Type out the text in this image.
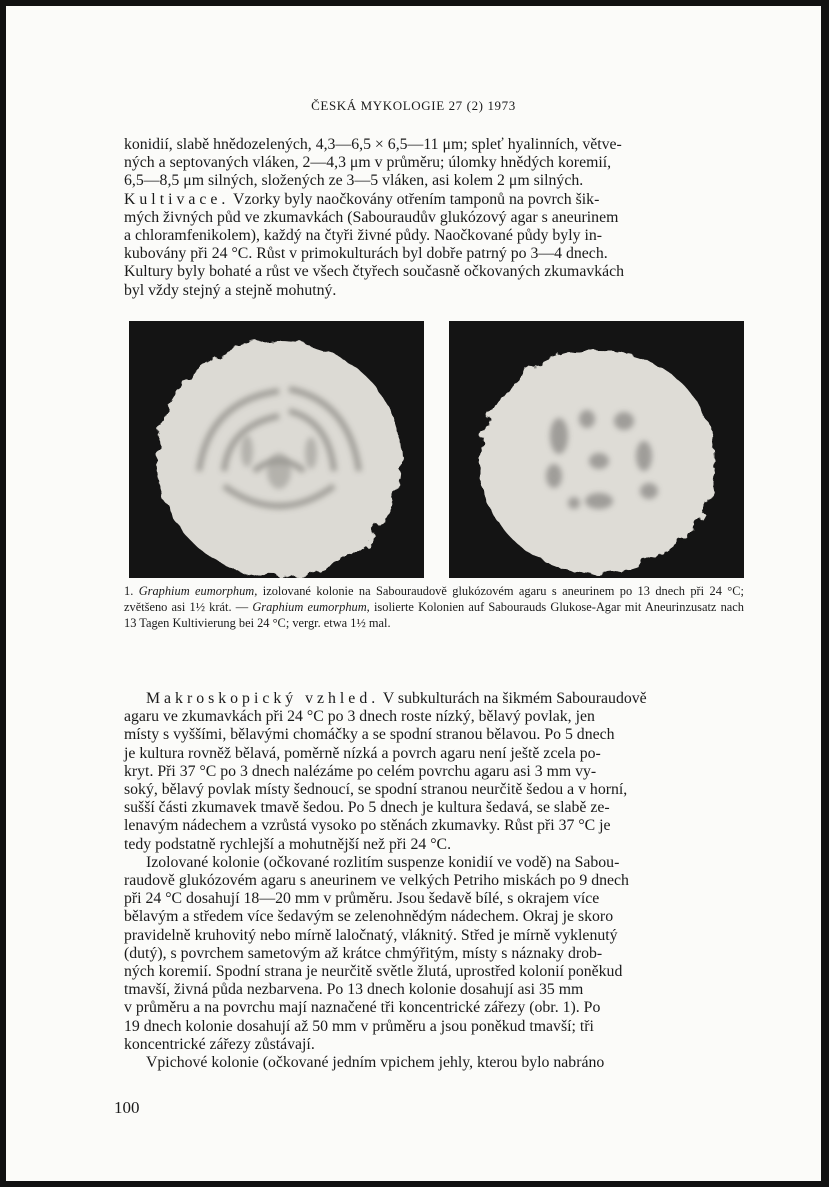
ČESKÁ MYKOLOGIE 27 (2) 1973

konidií, slabě hnědozelených, 4,3—6,5 × 6,5—11 μm; spleť hyalinních, větve-
ných a septovaných vláken, 2—4,3 μm v průměru; úlomky hnědých koremií,
6,5—8,5 μm silných, složených ze 3—5 vláken, asi kolem 2 μm silných.

Kultivace. Vzorky byly naočkovány otřením tamponů na povrch šik-
mých živných půd ve zkumavkách (Sabouraudův glukózový agar s aneurinem
a chloramfenikolem), každý na čtyři živné půdy. Naočkované půdy byly in-
kubovány při 24 °C. Růst v primokulturách byl dobře patrný po 3—4 dnech.
Kultury byly bohaté a růst ve všech čtyřech současně očkovaných zkumavkách
byl vždy stejný a stejně mohutný.

1. Graphium eumorphum, izolované kolonie na Sabouraudově glukózovém agaru s aneurinem po 13 dnech při 24 °C; zvětšeno asi 1½ krát. — Graphium eumorphum, isolierte Kolonien auf Sabourauds Glukose-Agar mit Aneurinzusatz nach 13 Tagen Kultivierung bei 24 °C; vergr. etwa 1½ mal.

Makroskopický vzhled. V subkulturách na šikmém Sabouraudově
agaru ve zkumavkách při 24 °C po 3 dnech roste nízký, bělavý povlak, jen
místy s vyššími, bělavými chomáčky a se spodní stranou bělavou. Po 5 dnech
je kultura rovněž bělavá, poměrně nízká a povrch agaru není ještě zcela po-
kryt. Při 37 °C po 3 dnech nalézáme po celém povrchu agaru asi 3 mm vy-
soký, bělavý povlak místy šednoucí, se spodní stranou neurčitě šedou a v horní,
sušší části zkumavek tmavě šedou. Po 5 dnech je kultura šedavá, se slabě ze-
lenavým nádechem a vzrůstá vysoko po stěnách zkumavky. Růst při 37 °C je
tedy podstatně rychlejší a mohutnější než při 24 °C.

Izolované kolonie (očkované rozlitím suspenze konidií ve vodě) na Sabou-
raudově glukózovém agaru s aneurinem ve velkých Petriho miskách po 9 dnech
při 24 °C dosahují 18—20 mm v průměru. Jsou šedavě bílé, s okrajem více
bělavým a středem více šedavým se zelenohnědým nádechem. Okraj je skoro
pravidelně kruhovitý nebo mírně laločnatý, vláknitý. Střed je mírně vyklenutý
(dutý), s povrchem sametovým až krátce chmýřitým, místy s náznaky drob-
ných koremií. Spodní strana je neurčitě světle žlutá, uprostřed kolonií poněkud
tmavší, živná půda nezbarvena. Po 13 dnech kolonie dosahují asi 35 mm
v průměru a na povrchu mají naznačené tři koncentrické zářezy (obr. 1). Po
19 dnech kolonie dosahují až 50 mm v průměru a jsou poněkud tmavší; tři
koncentrické zářezy zůstávají.

Vpichové kolonie (očkované jedním vpichem jehly, kterou bylo nabráno

100
